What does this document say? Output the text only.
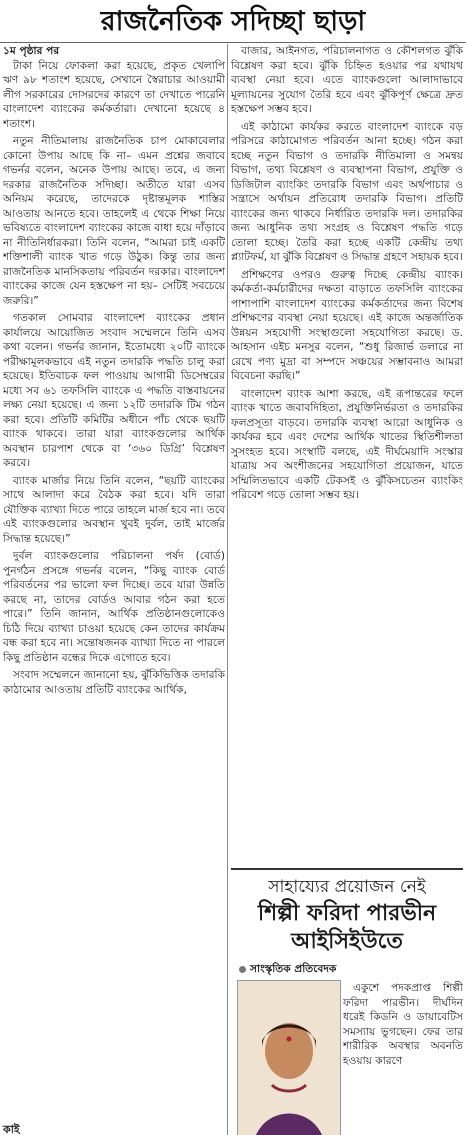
রাজনৈতিক সদিচ্ছা ছাড়া
১ম পৃষ্ঠার পর

টাকা নিয়ে ফোকলা করা হয়েছে, প্রকৃত খেলাপি ঋণ ৯৮ শতাংশ হয়েছে, সেখানে স্বৈরাচার আওয়ামী লীগ সরকারের দোসরদের কারণে তা দেখাতে পারেনি বাংলাদেশ ব্যাংকের কর্মকর্তারা। দেখানো হয়েছে ৪ শতাংশ।

নতুন নীতিমালায় রাজনৈতিক চাপ মোকাবেলার কোনো উপায় আছে কি না– এমন প্রশ্নের জবাবে গভর্নর বলেন, অনেক উপায় আছে। তবে, এ জন্য দরকার রাজনৈতিক সদিচ্ছা। অতীতে যারা এসব অনিয়ম করেছে, তাদেরকে দৃষ্টান্তমূলক শাস্তির আওতায় আনতে হবে। তাহলেই এ থেকে শিক্ষা নিয়ে ভবিষ্যতে বাংলাদেশ ব্যাংকের কাজে বাধা হয়ে দাঁড়াবে না নীতিনির্ধারকরা। তিনি বলেন, “আমরা চাই একটি শক্তিশালী ব্যাংক খাত গড়ে উঠুক। কিন্তু তার জন্য রাজনৈতিক মানসিকতায় পরিবর্তন দরকার। বাংলাদেশ ব্যাংকের কাজে যেন হস্তক্ষেপ না হয়– সেটিই সবচেয়ে জরুরি।”

গতকাল সোমবার বাংলাদেশ ব্যাংকের প্রধান কার্যালয়ে আয়োজিত সংবাদ সম্মেলনে তিনি এসব কথা বলেন। গভর্নর জানান, ইতোমধ্যে ২০টি ব্যাংকে পরীক্ষামূলকভাবে এই নতুন তদারকি পদ্ধতি চালু করা হয়েছে। ইতিবাচক ফল পাওয়ায় আগামী ডিসেম্বরের মধ্যে সব ৬১ তফসিলি ব্যাংকে এ পদ্ধতি বাস্তবায়নের লক্ষ্য নেয়া হয়েছে। এ জন্য ১২টি তদারকি টিম গঠন করা হবে। প্রতিটি কমিটির অধীনে পাঁচ থেকে ছয়টি ব্যাংক থাকবে। তারা যারা ব্যাংকগুলোর আর্থিক অবস্থান চারপাশ থেকে বা ‘৩৬০ ডিগ্রি’ বিশ্লেষণ করবে।

ব্যাংক মার্জার নিয়ে তিনি বলেন, “ছয়টি ব্যাংকের সাথে আলাদা করে বৈঠক করা হবে। যদি তারা যৌক্তিক ব্যাখ্যা দিতে পারে তাহলে মার্জ হবে না। তবে এই ব্যাংকগুলোর অবস্থান খুবই দুর্বল, তাই মার্জের সিদ্ধান্ত হয়েছে।”

দুর্বল ব্যাংকগুলোর পরিচালনা পর্ষদ (বোর্ড) পুনর্গঠন প্রসঙ্গে গভর্নর বলেন, “কিছু ব্যাংক বোর্ড পরিবর্তনের পর ভালো ফল দিচ্ছে। তবে যারা উন্নতি করছে না, তাদের বোর্ডও আবার গঠন করা হতে পারে।” তিনি জানান, আর্থিক প্রতিষ্ঠানগুলোকেও চিঠি দিয়ে ব্যাখ্যা চাওয়া হয়েছে কেন তাদের কার্যক্রম বন্ধ করা হবে না। সন্তোষজনক ব্যাখ্যা দিতে না পারলে কিছু প্রতিষ্ঠান বন্ধের দিকে এগোতে হবে।

সংবাদ সম্মেলনে জানানো হয়, ঝুঁকিভিত্তিক তদারকি কাঠামোর আওতায় প্রতিটি ব্যাংকের আর্থিক,

বাজার, আইনগত, পরিচালনাগত ও কৌশলগত ঝুঁকি বিশ্লেষণ করা হবে। ঝুঁকি চিহ্নিত হওয়ার পর যথাযথ ব্যবস্থা নেয়া হবে। এতে ব্যাংকগুলো আলাদাভাবে মূল্যায়নের সুযোগ তৈরি হবে এবং ঝুঁকিপূর্ণ ক্ষেত্রে দ্রুত হস্তক্ষেপ সম্ভব হবে।

এই কাঠামো কার্যকর করতে বাংলাদেশ ব্যাংকে বড় পরিসরে কাঠামোগত পরিবর্তন আনা হচ্ছে। গঠন করা হচ্ছে নতুন বিভাগ ও তদারকি নীতিমালা ও সমন্বয় বিভাগ, তথ্য বিশ্লেষণ ও ব্যবস্থাপনা বিভাগ, প্রযুক্তি ও ডিজিটাল ব্যাংকিং তদারকি বিভাগ এবং অর্থপাচার ও সন্ত্রাসে অর্থায়ন প্রতিরোধ তদারকি বিভাগ। প্রতিটি ব্যাংকের জন্য থাকবে নির্ধারিত তদারকি দল। তদারকির জন্য আধুনিক তথ্য সংগ্রহ ও বিশ্লেষণ পদ্ধতি গড়ে তোলা হচ্ছে। তৈরি করা হচ্ছে একটি কেন্দ্রীয় তথ্য প্ল্যাটফর্ম, যা ঝুঁকি বিশ্লেষণ ও সিদ্ধান্ত গ্রহণে সহায়ক হবে।

প্রশিক্ষণের ওপরও গুরুত্ব দিচ্ছে কেন্দ্রীয় ব্যাংক। কর্মকর্তা-কর্মচারীদের দক্ষতা বাড়াতে তফসিলি ব্যাংকের পাশাপাশি বাংলাদেশ ব্যাংকের কর্মকর্তাদের জন্য বিশেষ প্রশিক্ষণের ব্যবস্থা নেয়া হয়েছে। এই কাজে অন্তর্জাতিক উন্নয়ন সহযোগী সংস্থাগুলো সহযোগিতা করছে। ড. আহসান এইচ মনসুর বলেন, “শুধু রিজার্ভ ডলারে না রেখে পণ্য মুদ্রা বা সম্পদে সঞ্চয়ের সম্ভাবনাও আমরা বিবেচনা করছি।”

বাংলাদেশ ব্যাংক আশা করছে, এই রূপান্তরের ফলে ব্যাংক খাতে জবাবদিহিতা, প্রযুক্তিনির্ভরতা ও তদারকির ফলপ্রসূতা বাড়বে। তদারকি ব্যবস্থা আরো আধুনিক ও কার্যকর হবে এবং দেশের আর্থিক খাতের স্থিতিশীলতা সুসংহত হবে। সংস্থাটি বলছে, এই দীর্ঘমেয়াদি সংস্কার যাত্রায় সব অংশীজনের সহযোগিতা প্রয়োজন, যাতে সম্মিলিতভাবে একটি টেকসই ও ঝুঁকিসচেতন ব্যাংকিং পরিবেশ গড়ে তোলা সম্ভব হয়।

সাহায্যের প্রয়োজন নেই
শিল্পী ফরিদা পারভীন আইসিইউতে
সাংস্কৃতিক প্রতিবেদক

একুশে পদকপ্রাপ্ত শিল্পী ফরিদা পারভীন। দীর্ঘদিন ধরেই কিডনি ও ডায়াবেটিস সমস্যায় ভুগছেন। ফের তার শারীরিক অবস্থার অবনতি হওয়ায় কারণে

কাই
